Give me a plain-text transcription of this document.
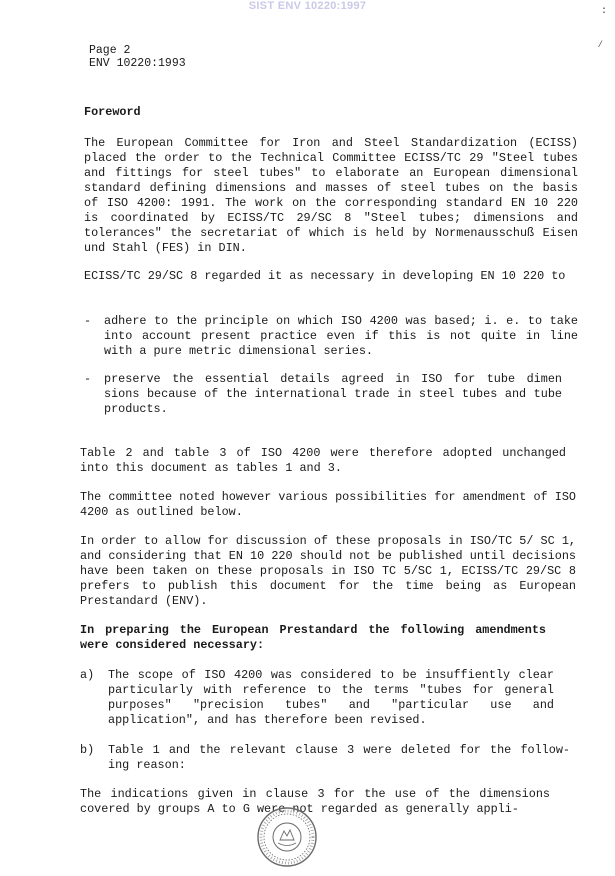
SIST ENV 10220:1997	:
/
Page 2
ENV 10220:1993

Foreword

The European Committee for Iron and Steel Standardization (ECISS) placed the order to the Technical Committee ECISS/TC 29 "Steel tubes and fittings for steel tubes" to elaborate an European dimensional standard defining dimensions and masses of steel tubes on the basis of ISO 4200: 1991. The work on the corresponding standard EN 10 220 is coordinated by ECISS/TC 29/SC 8 "Steel tubes; dimensions and tolerances" the secretariat of which is held by Normenausschuß Eisen und Stahl (FES) in DIN.

ECISS/TC 29/SC 8 regarded it as necessary in developing EN 10 220 to

- adhere to the principle on which ISO 4200 was based; i. e. to take into account present practice even if this is not quite in line with a pure metric dimensional series.

- preserve the essential details agreed in ISO for tube dimen sions because of the international trade in steel tubes and tube products.

Table 2 and table 3 of ISO 4200 were therefore adopted unchanged into this document as tables 1 and 3.

The committee noted however various possibilities for amendment of ISO 4200 as outlined below.

In order to allow for discussion of these proposals in ISO/TC 5/ SC 1, and considering that EN 10 220 should not be published until decisions have been taken on these proposals in ISO TC 5/SC 1, ECISS/TC 29/SC 8 prefers to publish this document for the time being as European Prestandard (ENV).

In preparing the European Prestandard the following amendments were considered necessary:

a) The scope of ISO 4200 was considered to be insuffiently clear particularly with reference to the terms "tubes for general purposes" "precision tubes" and "particular use and application", and has therefore been revised.

b) Table 1 and the relevant clause 3 were deleted for the follow- ing reason:

The indications given in clause 3 for the use of the dimensions covered by groups A to G were not regarded as generally appli-
